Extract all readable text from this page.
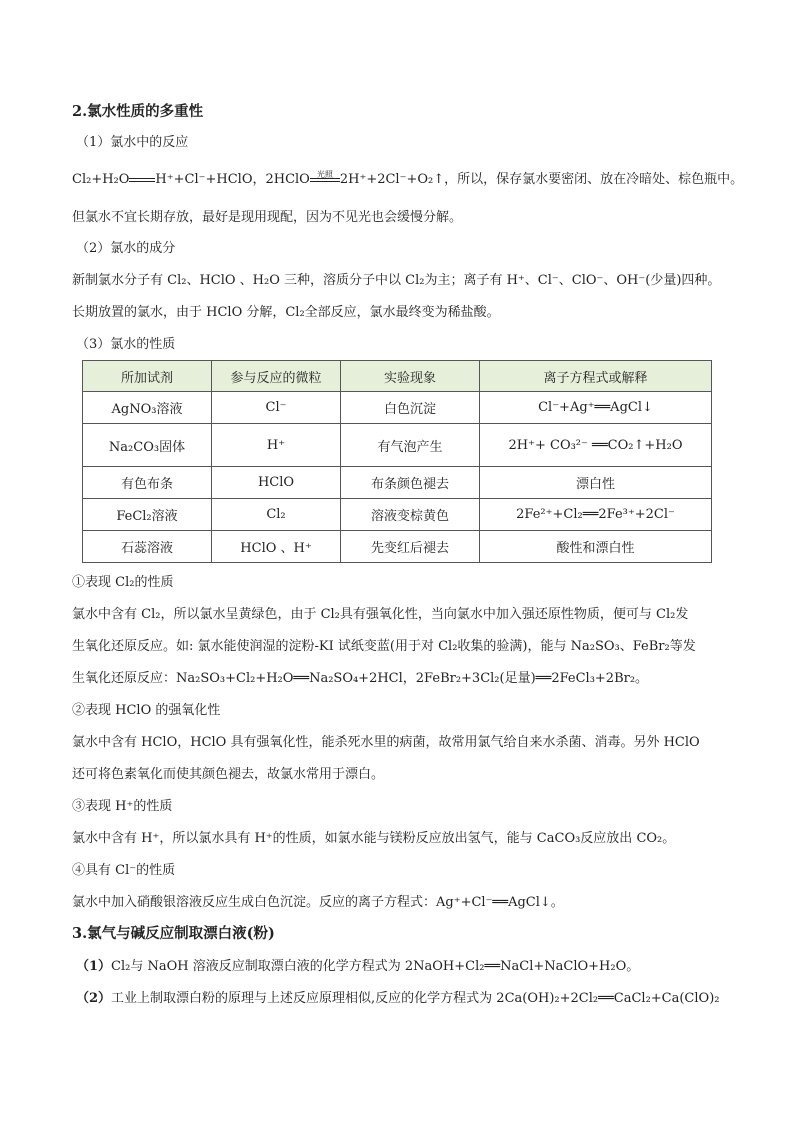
2.氯水性质的多重性
（1）氯水中的反应
Cl₂+H₂O H⁺+Cl⁻+HClO，2HClO 光照 2H⁺+2Cl⁻+O₂↑，所以，保存氯水要密闭、放在冷暗处、棕色瓶中。
但氯水不宜长期存放，最好是现用现配，因为不见光也会缓慢分解。
（2）氯水的成分
新制氯水分子有 Cl₂、HClO 、H₂O 三种，溶质分子中以 Cl₂为主；离子有 H⁺、Cl⁻、ClO⁻、OH⁻(少量)四种。
长期放置的氯水，由于 HClO 分解，Cl₂全部反应，氯水最终变为稀盐酸。
（3）氯水的性质
所加试剂	参与反应的微粒	实验现象	离子方程式或解释
AgNO₃溶液	Cl⁻	白色沉淀	Cl⁻+Ag⁺══AgCl↓
Na₂CO₃固体	H⁺	有气泡产生	2H⁺+ CO₃²⁻ ══CO₂↑+H₂O
有色布条	HClO	布条颜色褪去	漂白性
FeCl₂溶液	Cl₂	溶液变棕黄色	2Fe²⁺+Cl₂══2Fe³⁺+2Cl⁻
石蕊溶液	HClO 、H⁺	先变红后褪去	酸性和漂白性
①表现 Cl₂的性质
氯水中含有 Cl₂，所以氯水呈黄绿色，由于 Cl₂具有强氧化性，当向氯水中加入强还原性物质，便可与 Cl₂发
生氧化还原反应。如: 氯水能使润湿的淀粉-KI 试纸变蓝(用于对 Cl₂收集的验满)，能与 Na₂SO₃、FeBr₂等发
生氧化还原反应：Na₂SO₃+Cl₂+H₂O══Na₂SO₄+2HCl，2FeBr₂+3Cl₂(足量)══2FeCl₃+2Br₂。
②表现 HClO 的强氧化性
氯水中含有 HClO，HClO 具有强氧化性，能杀死水里的病菌，故常用氯气给自来水杀菌、消毒。另外 HClO
还可将色素氧化而使其颜色褪去，故氯水常用于漂白。
③表现 H⁺的性质
氯水中含有 H⁺，所以氯水具有 H⁺的性质，如氯水能与镁粉反应放出氢气，能与 CaCO₃反应放出 CO₂。
④具有 Cl⁻的性质
氯水中加入硝酸银溶液反应生成白色沉淀。反应的离子方程式：Ag⁺+Cl⁻══AgCl↓。
3.氯气与碱反应制取漂白液(粉)
（1）Cl₂与 NaOH 溶液反应制取漂白液的化学方程式为 2NaOH+Cl₂══NaCl+NaClO+H₂O。
（2）工业上制取漂白粉的原理与上述反应原理相似,反应的化学方程式为 2Ca(OH)₂+2Cl₂══CaCl₂+Ca(ClO)₂
